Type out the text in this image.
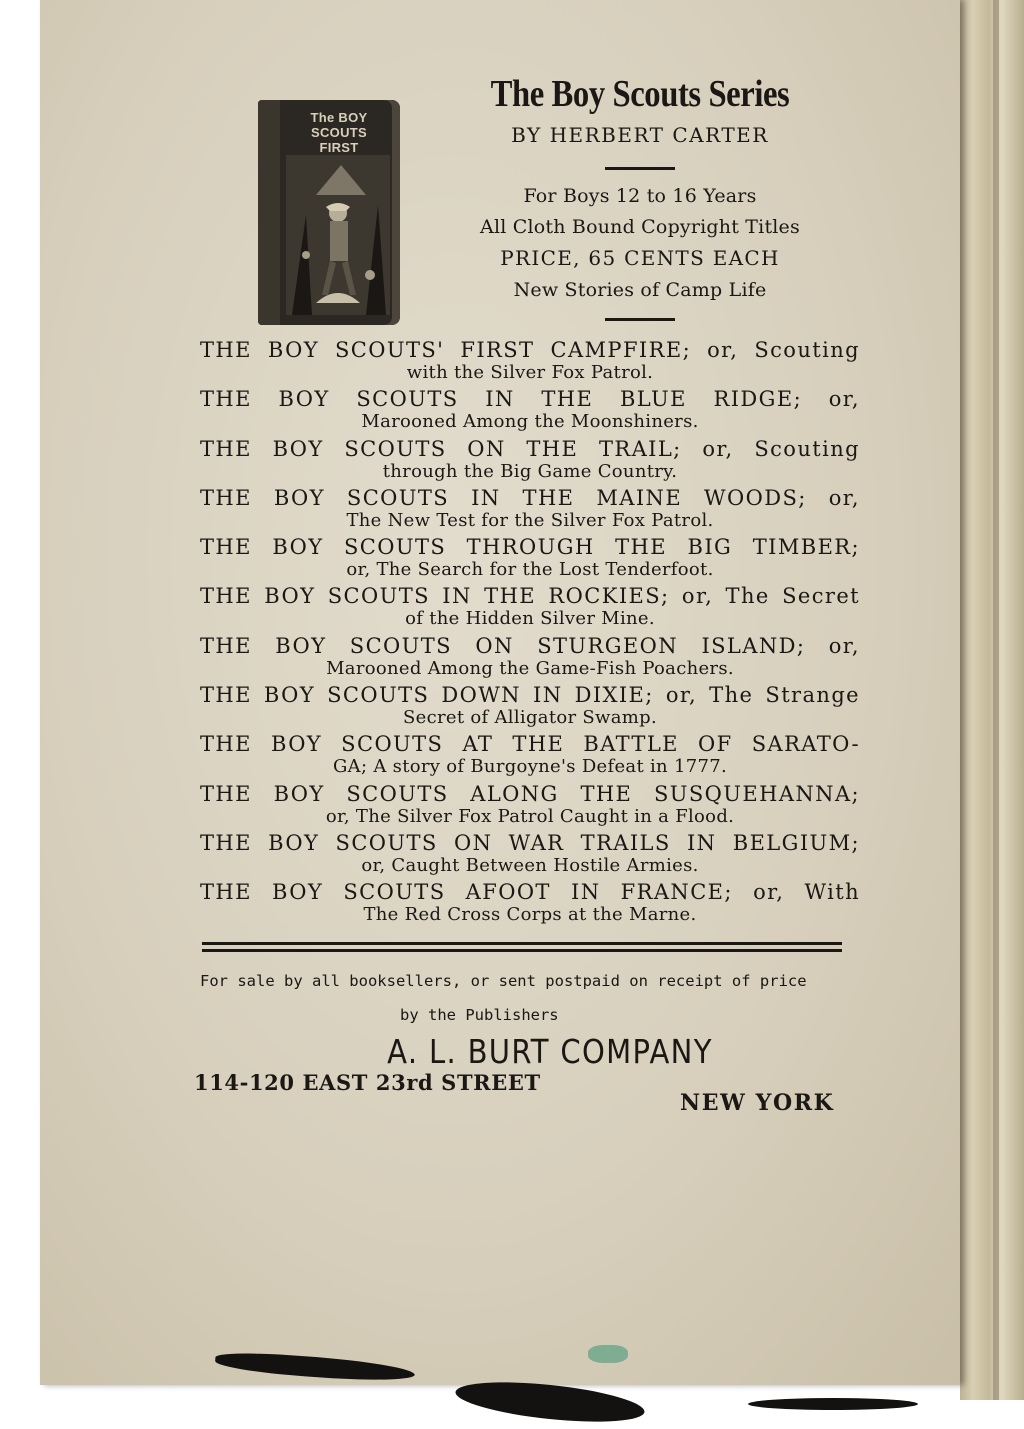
The BOY SCOUTS
FIRST
The Boy Scouts Series
BY HERBERT CARTER
For Boys 12 to 16 Years
All Cloth Bound Copyright Titles
PRICE, 65 CENTS EACH
New Stories of Camp Life
THE BOY SCOUTS' FIRST CAMPFIRE; or, Scouting
with the Silver Fox Patrol.
THE BOY SCOUTS IN THE BLUE RIDGE; or,
Marooned Among the Moonshiners.
THE BOY SCOUTS ON THE TRAIL; or, Scouting
through the Big Game Country.
THE BOY SCOUTS IN THE MAINE WOODS; or,
The New Test for the Silver Fox Patrol.
THE BOY SCOUTS THROUGH THE BIG TIMBER;
or, The Search for the Lost Tenderfoot.
THE BOY SCOUTS IN THE ROCKIES; or, The Secret
of the Hidden Silver Mine.
THE BOY SCOUTS ON STURGEON ISLAND; or,
Marooned Among the Game-Fish Poachers.
THE BOY SCOUTS DOWN IN DIXIE; or, The Strange
Secret of Alligator Swamp.
THE BOY SCOUTS AT THE BATTLE OF SARATO-
GA; A story of Burgoyne's Defeat in 1777.
THE BOY SCOUTS ALONG THE SUSQUEHANNA;
or, The Silver Fox Patrol Caught in a Flood.
THE BOY SCOUTS ON WAR TRAILS IN BELGIUM;
or, Caught Between Hostile Armies.
THE BOY SCOUTS AFOOT IN FRANCE; or, With
The Red Cross Corps at the Marne.
For sale by all booksellers, or sent postpaid on receipt of price
by the Publishers
A. L. BURT COMPANY
114-120 EAST 23rd STREET
NEW YORK
